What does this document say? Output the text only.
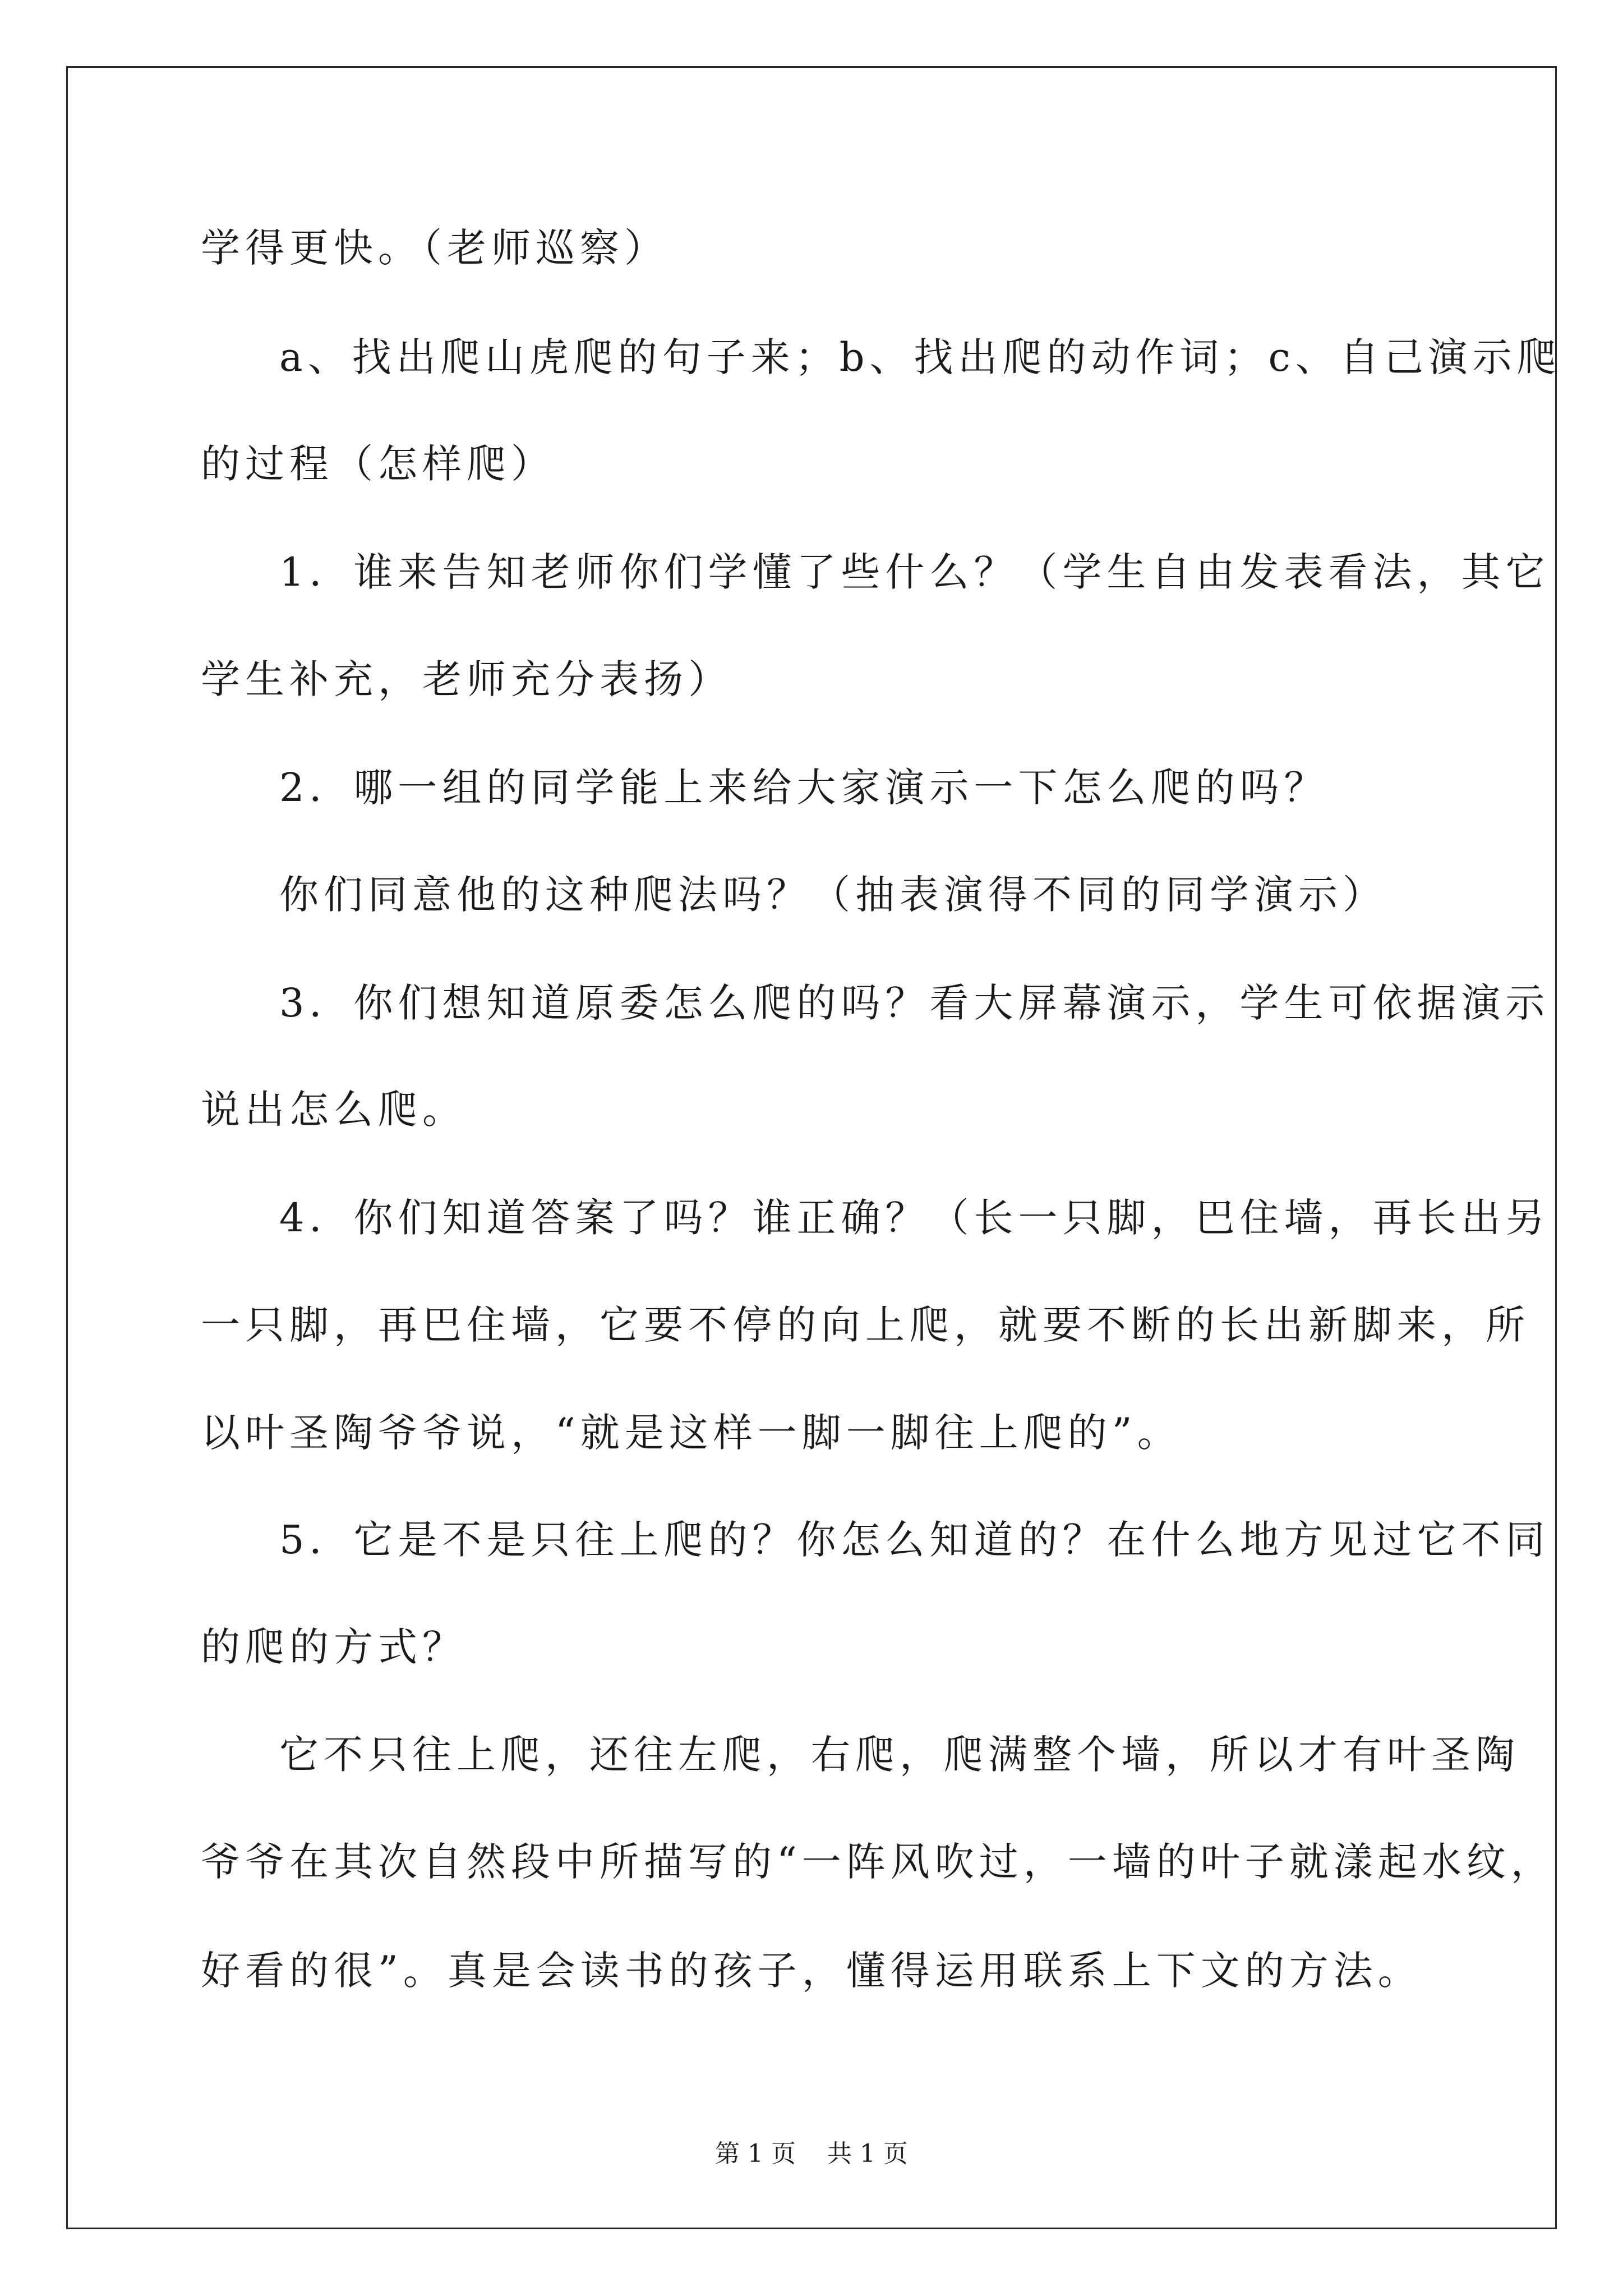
学得更快。（老师巡察）
a、找出爬山虎爬的句子来；b、找出爬的动作词；c、自己演示爬
的过程（怎样爬）
1．谁来告知老师你们学懂了些什么？（学生自由发表看法，其它
学生补充，老师充分表扬）
2．哪一组的同学能上来给大家演示一下怎么爬的吗？
你们同意他的这种爬法吗？（抽表演得不同的同学演示）
3．你们想知道原委怎么爬的吗？看大屏幕演示，学生可依据演示
说出怎么爬。
4．你们知道答案了吗？谁正确？（长一只脚，巴住墙，再长出另
一只脚，再巴住墙，它要不停的向上爬，就要不断的长出新脚来，所
以叶圣陶爷爷说，“就是这样一脚一脚往上爬的”。
5．它是不是只往上爬的？你怎么知道的？在什么地方见过它不同
的爬的方式？
它不只往上爬，还往左爬，右爬，爬满整个墙，所以才有叶圣陶
爷爷在其次自然段中所描写的“一阵风吹过，一墙的叶子就漾起水纹，
好看的很”。真是会读书的孩子，懂得运用联系上下文的方法。
第 1 页    共 1 页
